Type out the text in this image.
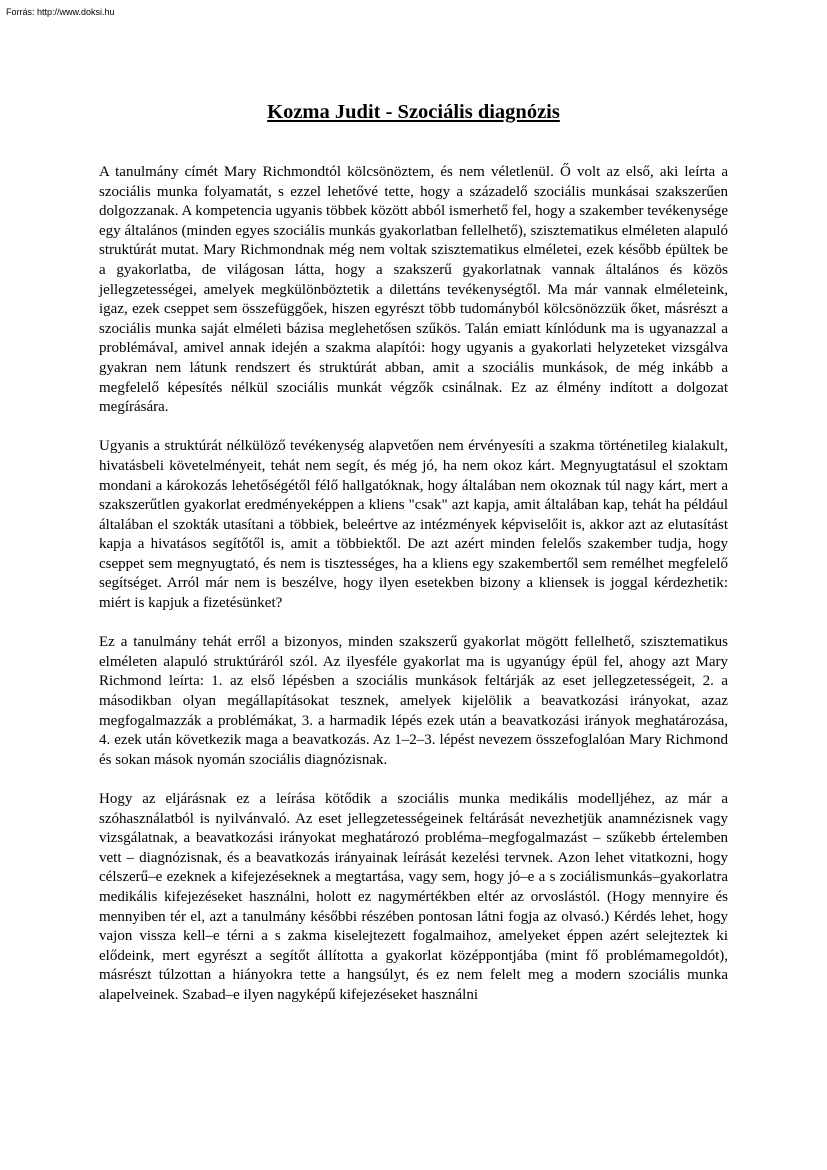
Forrás: http://www.doksi.hu
Kozma Judit - Szociális diagnózis

A tanulmány címét Mary Richmondtól kölcsönöztem, és nem véletlenül. Ő volt az első, aki leírta a szociális munka folyamatát, s ezzel lehetővé tette, hogy a századelő szociális munkásai szakszerűen dolgozzanak. A kompetencia ugyanis többek között abból ismerhető fel, hogy a szakember tevékenysége egy általános (minden egyes szociális munkás gyakorlatban fellelhető), szisztematikus elméleten alapuló struktúrát mutat. Mary Richmondnak még nem voltak szisztematikus elméletei, ezek később épültek be a gyakorlatba, de világosan látta, hogy a szakszerű gyakorlatnak vannak általános és közös jellegzetességei, amelyek megkülönböztetik a dilettáns tevékenységtől. Ma már vannak elméleteink, igaz, ezek cseppet sem összefüggőek, hiszen egyrészt több tudományból kölcsönözzük őket, másrészt a szociális munka saját elméleti bázisa meglehetősen szűkös. Talán emiatt kínlódunk ma is ugyanazzal a problémával, amivel annak idején a szakma alapítói: hogy ugyanis a gyakorlati helyzeteket vizsgálva gyakran nem látunk rendszert és struktúrát abban, amit a szociális munkások, de még inkább a megfelelő képesítés nélkül szociális munkát végzők csinálnak. Ez az élmény indított a dolgozat megírására.

Ugyanis a struktúrát nélkülöző tevékenység alapvetően nem érvényesíti a szakma történetileg kialakult, hivatásbeli követelményeit, tehát nem segít, és még jó, ha nem okoz kárt. Megnyugtatásul el szoktam mondani a károkozás lehetőségétől félő hallgatóknak, hogy általában nem okoznak túl nagy kárt, mert a szakszerűtlen gyakorlat eredményeképpen a kliens "csak" azt kapja, amit általában kap, tehát ha például általában el szokták utasítani a többiek, beleértve az intézmények képviselőit is, akkor azt az elutasítást kapja a hivatásos segítőtől is, amit a többiektől. De azt azért minden felelős szakember tudja, hogy cseppet sem megnyugtató, és nem is tisztességes, ha a kliens egy szakembertől sem remélhet megfelelő segítséget. Arról már nem is beszélve, hogy ilyen esetekben bizony a kliensek is joggal kérdezhetik: miért is kapjuk a fizetésünket?

Ez a tanulmány tehát erről a bizonyos, minden szakszerű gyakorlat mögött fellelhető, szisztematikus elméleten alapuló struktúráról szól. Az ilyesféle gyakorlat ma is ugyanúgy épül fel, ahogy azt Mary Richmond leírta: 1. az első lépésben a szociális munkások feltárják az eset jellegzetességeit, 2. a másodikban olyan megállapításokat tesznek, amelyek kijelölik a beavatkozási irányokat, azaz megfogalmazzák a problémákat, 3. a harmadik lépés ezek után a beavatkozási irányok meghatározása, 4. ezek után következik maga a beavatkozás. Az 1–2–3. lépést nevezem összefoglalóan Mary Richmond és sokan mások nyomán szociális diagnózisnak.

Hogy az eljárásnak ez a leírása kötődik a szociális munka medikális modelljéhez, az már a szóhasználatból is nyilvánvaló. Az eset jellegzetességeinek feltárását nevezhetjük anamnézisnek vagy vizsgálatnak, a beavatkozási irányokat meghatározó probléma–megfogalmazást – szűkebb értelemben vett – diagnózisnak, és a beavatkozás irányainak leírását kezelési tervnek. Azon lehet vitatkozni, hogy célszerű–e ezeknek a kifejezéseknek a megtartása, vagy sem, hogy jó–e a s zociálismunkás–gyakorlatra medikális kifejezéseket használni, holott ez nagymértékben eltér az orvoslástól. (Hogy mennyire és mennyiben tér el, azt a tanulmány későbbi részében pontosan látni fogja az olvasó.) Kérdés lehet, hogy vajon vissza kell–e térni a s zakma kiselejtezett fogalmaihoz, amelyeket éppen azért selejteztek ki elődeink, mert egyrészt a segítőt állította a gyakorlat középpontjába (mint fő problémamegoldót), másrészt túlzottan a hiányokra tette a hangsúlyt, és ez nem felelt meg a modern szociális munka alapelveinek. Szabad–e ilyen nagyképű kifejezéseket használni
